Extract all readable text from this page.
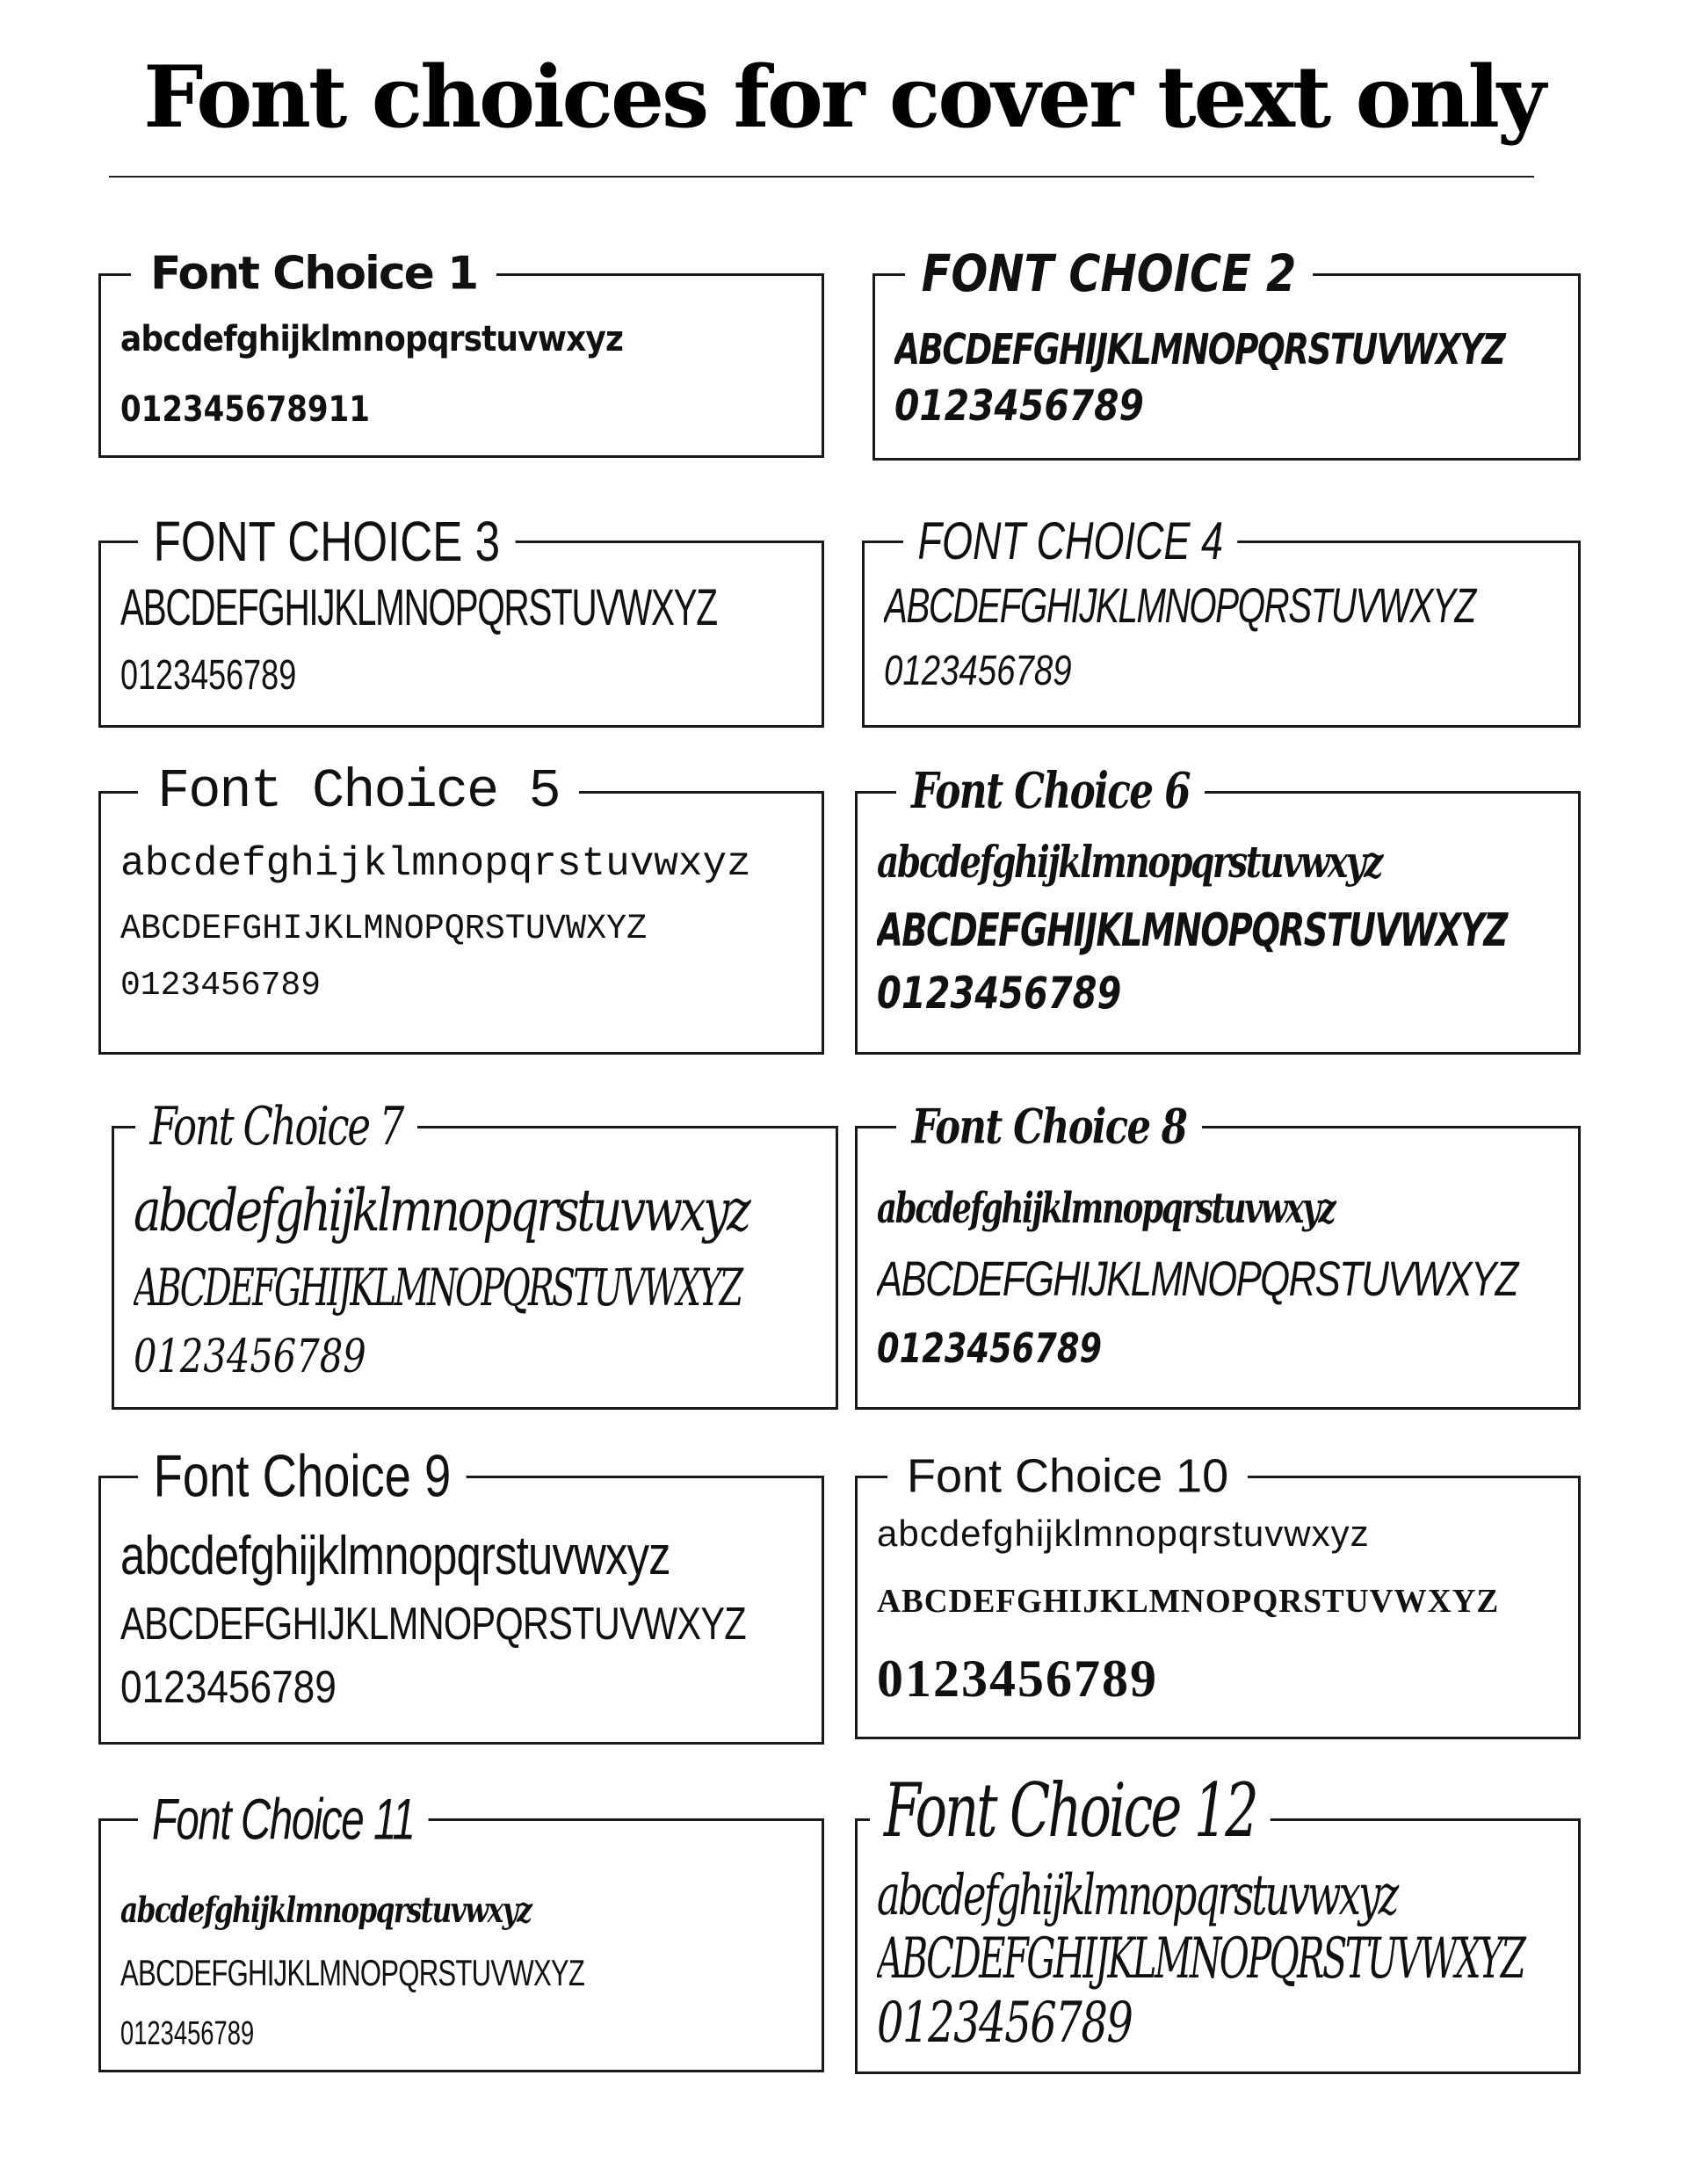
Font choices for cover text only
Font Choice 1
abcdefghijklmnopqrstuvwxyz
012345678911
FONT CHOICE 2
ABCDEFGHIJKLMNOPQRSTUVWXYZ
0123456789
FONT CHOICE 3
ABCDEFGHIJKLMNOPQRSTUVWXYZ
0123456789
FONT CHOICE 4
ABCDEFGHIJKLMNOPQRSTUVWXYZ
0123456789
Font Choice 5
abcdefghijklmnopqrstuvwxyz
ABCDEFGHIJKLMNOPQRSTUVWXYZ
0123456789
Font Choice 6
abcdefghijklmnopqrstuvwxyz
ABCDEFGHIJKLMNOPQRSTUVWXYZ
0123456789
Font Choice 7
abcdefghijklmnopqrstuvwxyz
ABCDEFGHIJKLMNOPQRSTUVWXYZ
0123456789
Font Choice 8
abcdefghijklmnopqrstuvwxyz
ABCDEFGHIJKLMNOPQRSTUVWXYZ
0123456789
Font Choice 9
abcdefghijklmnopqrstuvwxyz
ABCDEFGHIJKLMNOPQRSTUVWXYZ
0123456789
Font Choice 10
abcdefghijklmnopqrstuvwxyz
ABCDEFGHIJKLMNOPQRSTUVWXYZ
0123456789
Font Choice 11
abcdefghijklmnopqrstuvwxyz
ABCDEFGHIJKLMNOPQRSTUVWXYZ
0123456789
Font Choice 12
abcdefghijklmnopqrstuvwxyz
ABCDEFGHIJKLMNOPQRSTUVWXYZ
0123456789
